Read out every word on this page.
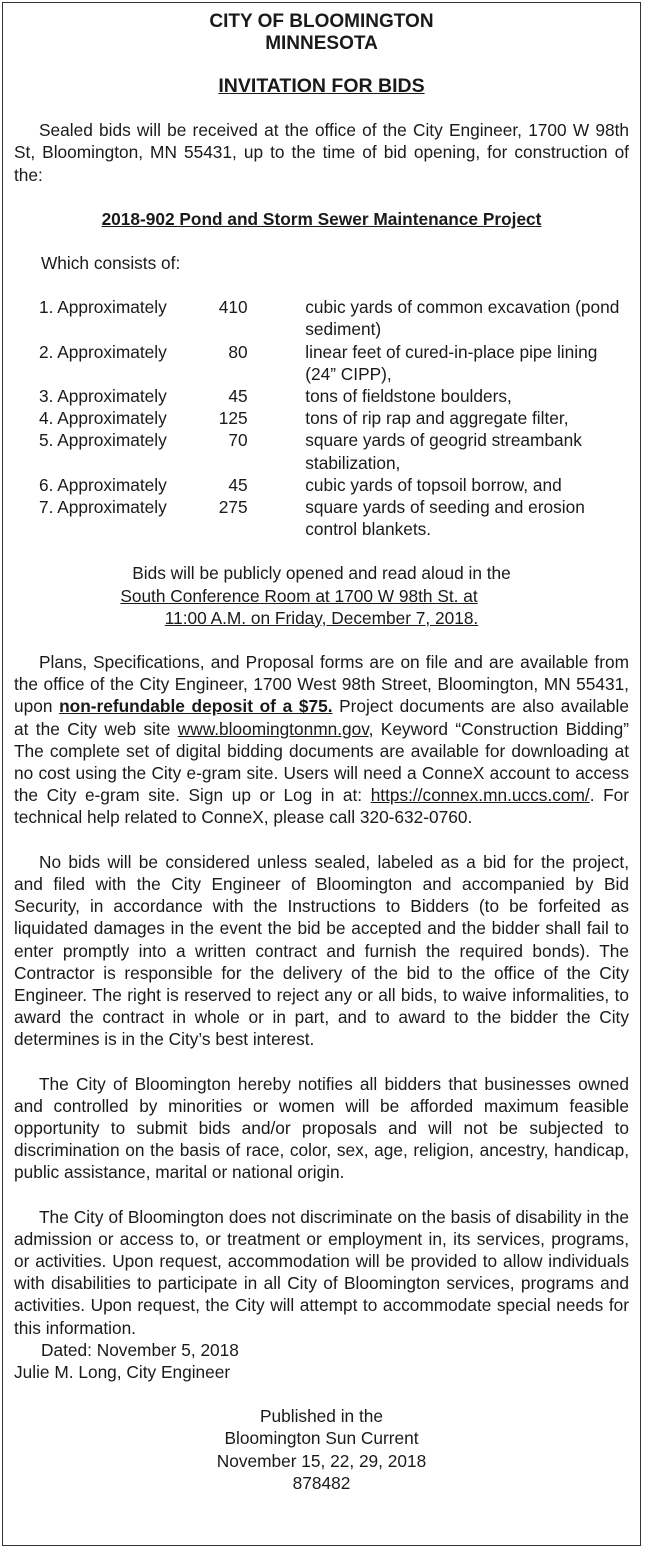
CITY OF BLOOMINGTON
MINNESOTA
INVITATION FOR BIDS

Sealed bids will be received at the office of the City Engineer, 1700 W 98th St, Bloomington, MN 55431, up to the time of bid opening, for construction of the:

2018-902 Pond and Storm Sewer Maintenance Project

Which consists of:

1. Approximately	410		cubic yards of common excavation (pond sediment)
2. Approximately	80		linear feet of cured-in-place pipe lining (24” CIPP),
3. Approximately	45		tons of fieldstone boulders,
4. Approximately	125		tons of rip rap and aggregate filter,
5. Approximately	70		square yards of geogrid streambank stabilization,
6. Approximately	45		cubic yards of topsoil borrow, and
7. Approximately	275		square yards of seeding and erosion control blankets.
Bids will be publicly opened and read aloud in the
South Conference Room at 1700 W 98th St. at
11:00 A.M. on Friday, December 7, 2018.

Plans, Specifications, and Proposal forms are on file and are available from the office of the City Engineer, 1700 West 98th Street, Bloomington, MN 55431, upon non-refundable deposit of a $75. Project documents are also available at the City web site www.bloomingtonmn.gov, Keyword “Construction Bidding” The complete set of digital bidding documents are available for downloading at no cost using the City e-gram site. Users will need a ConneX account to access the City e-gram site. Sign up or Log in at: https://connex.mn.uccs.com/. For technical help related to ConneX, please call 320-632-0760.

No bids will be considered unless sealed, labeled as a bid for the project, and filed with the City Engineer of Bloomington and accompanied by Bid Security, in accordance with the Instructions to Bidders (to be forfeited as liquidated damages in the event the bid be accepted and the bidder shall fail to enter promptly into a written contract and furnish the required bonds). The Contractor is responsible for the delivery of the bid to the office of the City Engineer. The right is reserved to reject any or all bids, to waive informalities, to award the contract in whole or in part, and to award to the bidder the City determines is in the City’s best interest.

The City of Bloomington hereby notifies all bidders that businesses owned and controlled by minorities or women will be afforded maximum feasible opportunity to submit bids and/or proposals and will not be subjected to discrimination on the basis of race, color, sex, age, religion, ancestry, handicap, public assistance, marital or national origin.

The City of Bloomington does not discriminate on the basis of disability in the admission or access to, or treatment or employment in, its services, programs, or activities. Upon request, accommodation will be provided to allow individuals with disabilities to participate in all City of Bloomington services, programs and activities. Upon request, the City will attempt to accommodate special needs for this information.

Dated: November 5, 2018

Julie M. Long, City Engineer

Published in the
Bloomington Sun Current
November 15, 22, 29, 2018
878482
